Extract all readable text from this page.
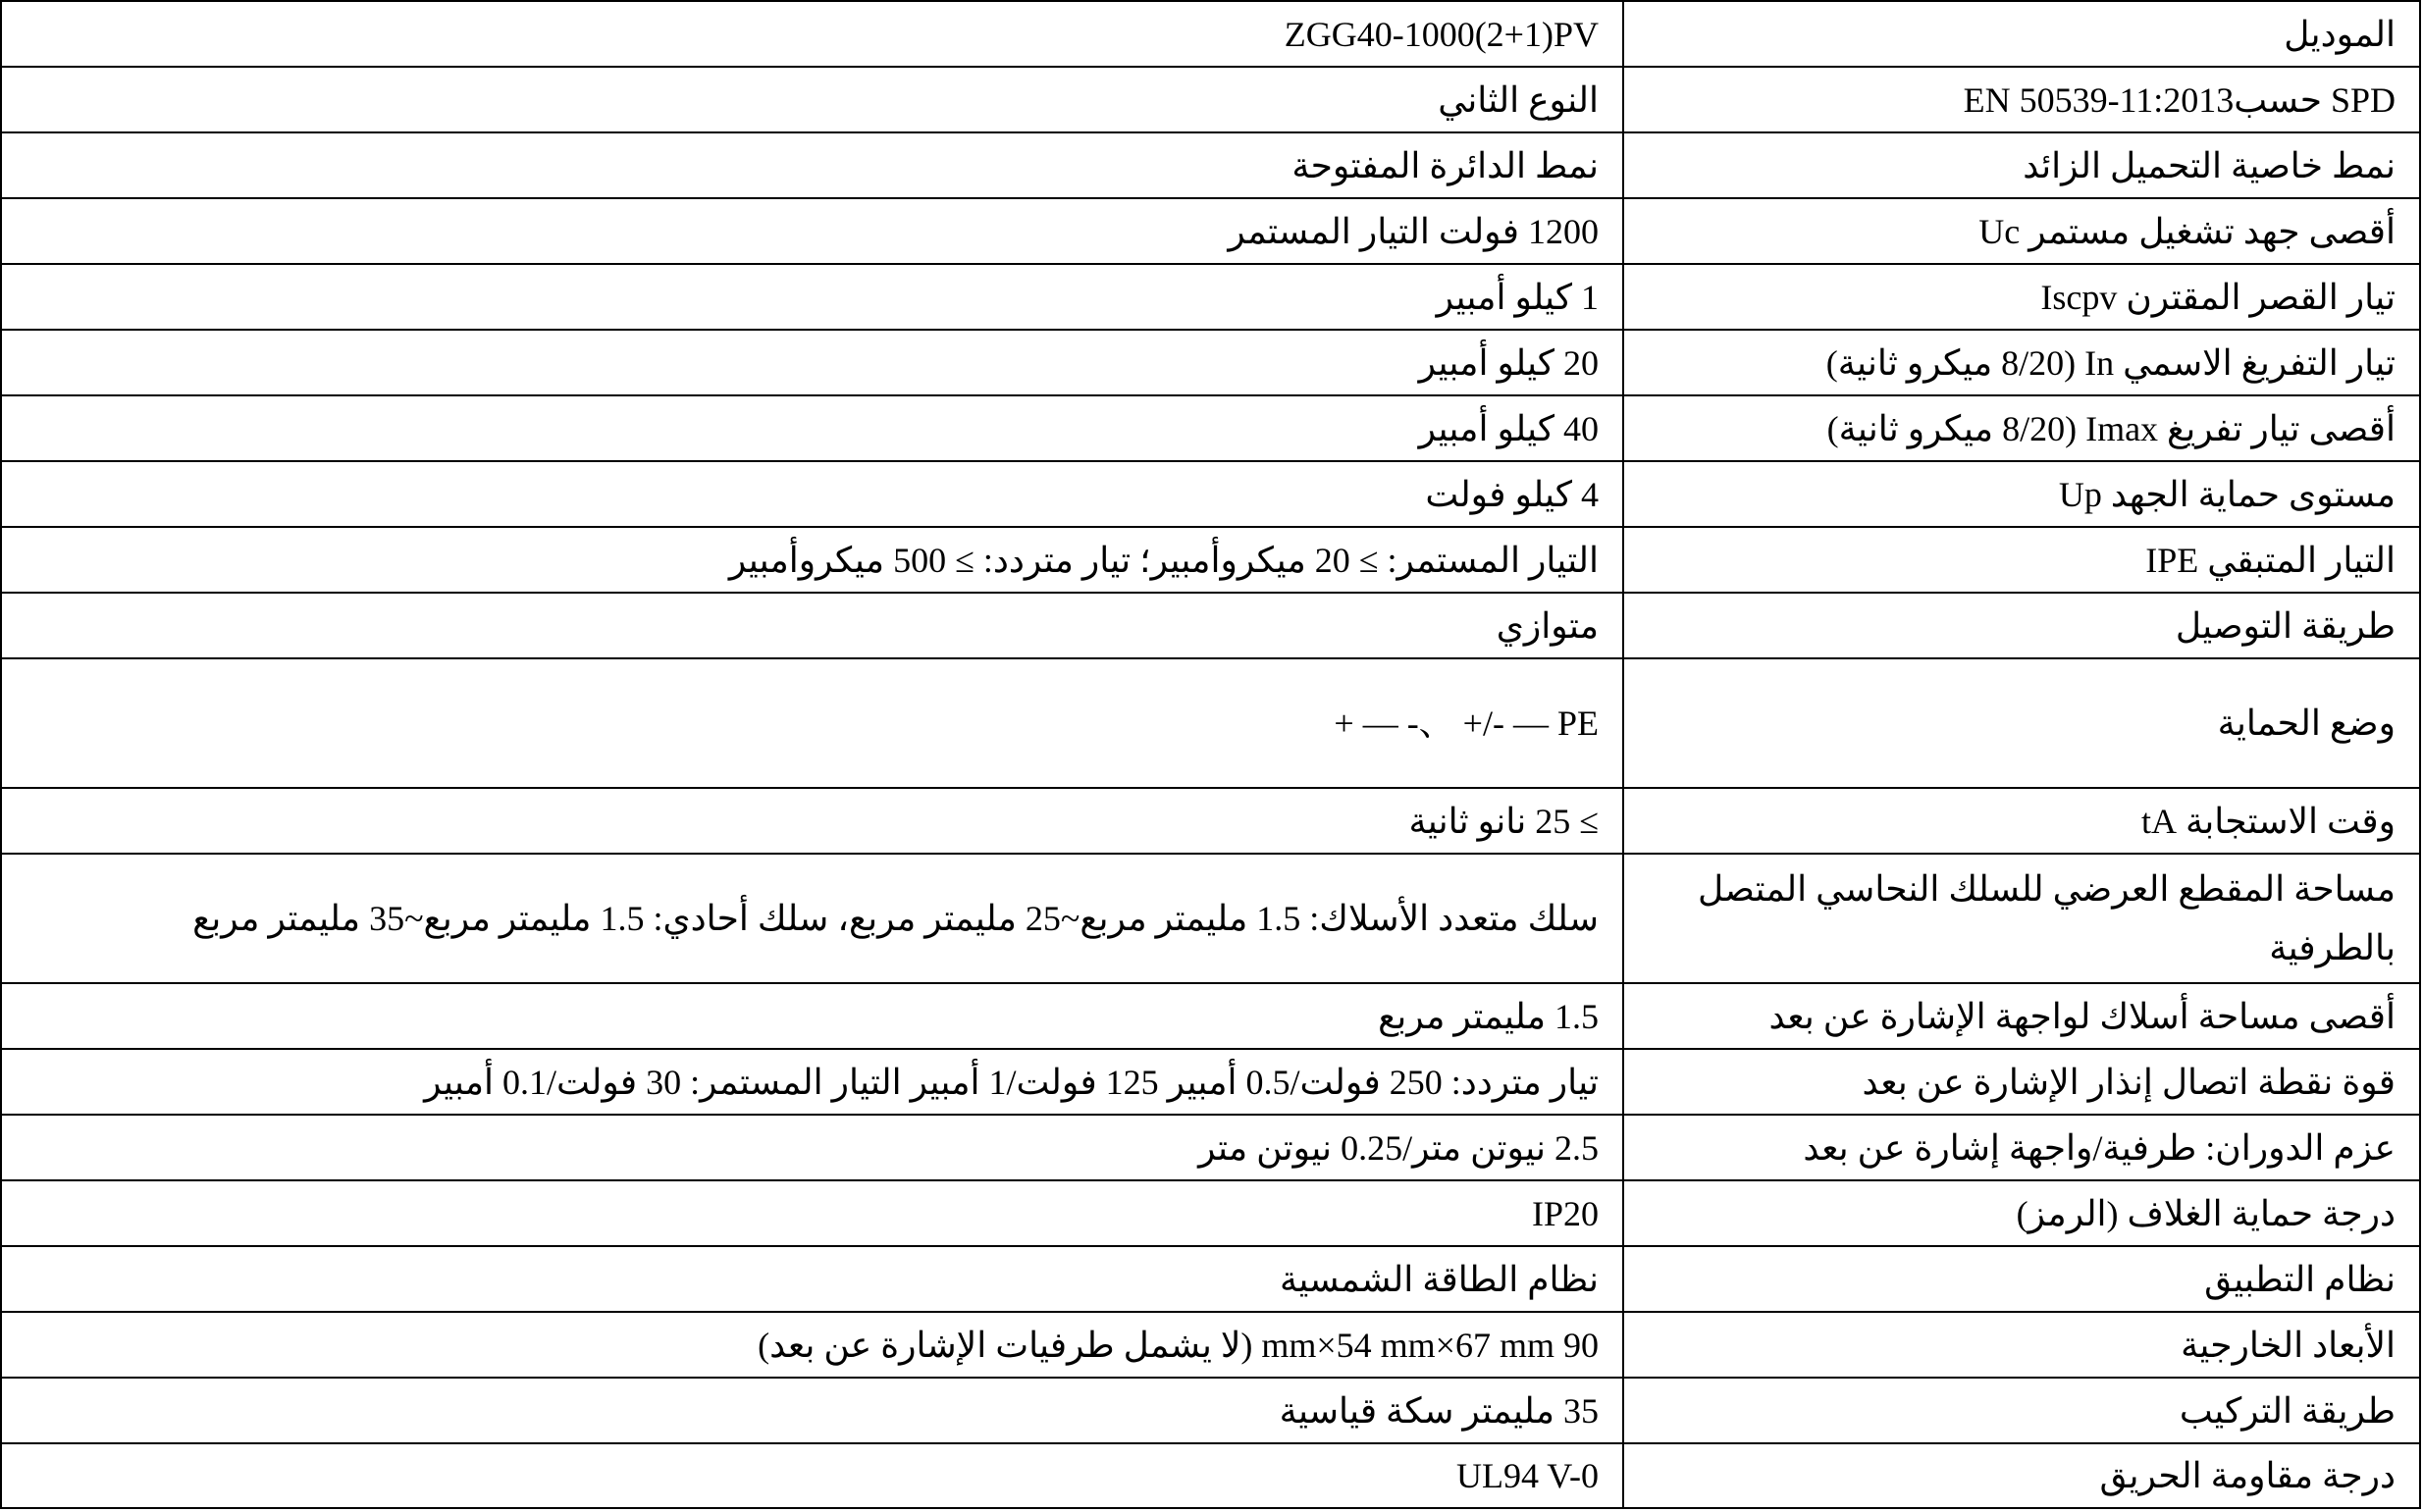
الموديل	ZGG40-1000(2+1)PV
SPD حسب‫EN 50539-11:2013‬	النوع الثاني
نمط خاصية التحميل الزائد	نمط الدائرة المفتوحة
أقصى جهد تشغيل مستمر Uc	1200 فولت التيار المستمر
تيار القصر المقترن Iscpv	1 كيلو أمبير
تيار التفريغ الاسمي In (8/20 ميكرو ثانية)	20 كيلو أمبير
أقصى تيار تفريغ Imax (8/20 ميكرو ثانية)	40 كيلو أمبير
مستوى حماية الجهد Up	4 كيلو فولت
التيار المتبقي IPE	التيار المستمر: ≥ 20 ميكروأمبير؛ تيار متردد: ≥ 500 ميكروأمبير
طريقة التوصيل	متوازي
وضع الحماية	‪+ — -、 +/- — PE‬
وقت الاستجابة tA	≥ 25 نانو ثانية
مساحة المقطع العرضي للسلك النحاسي المتصل بالطرفية	سلك متعدد الأسلاك: 1.5 مليمتر مربع~25 مليمتر مربع، سلك أحادي: 1.5 مليمتر مربع~35 مليمتر مربع
أقصى مساحة أسلاك لواجهة الإشارة عن بعد	1.5 مليمتر مربع
قوة نقطة اتصال إنذار الإشارة عن بعد	تيار متردد: 250 فولت/0.5 أمبير 125 فولت/1 أمبير التيار المستمر: 30 فولت/0.1 أمبير
عزم الدوران: طرفية/واجهة إشارة عن بعد	2.5 نيوتن متر/0.25 نيوتن متر
درجة حماية الغلاف (الرمز)	IP20
نظام التطبيق	نظام الطاقة الشمسية
الأبعاد الخارجية	‫90 mm×54 mm×67 mm‬ (لا يشمل طرفيات الإشارة عن بعد)
طريقة التركيب	35 مليمتر سكة قياسية
درجة مقاومة الحريق	UL94 V-0
